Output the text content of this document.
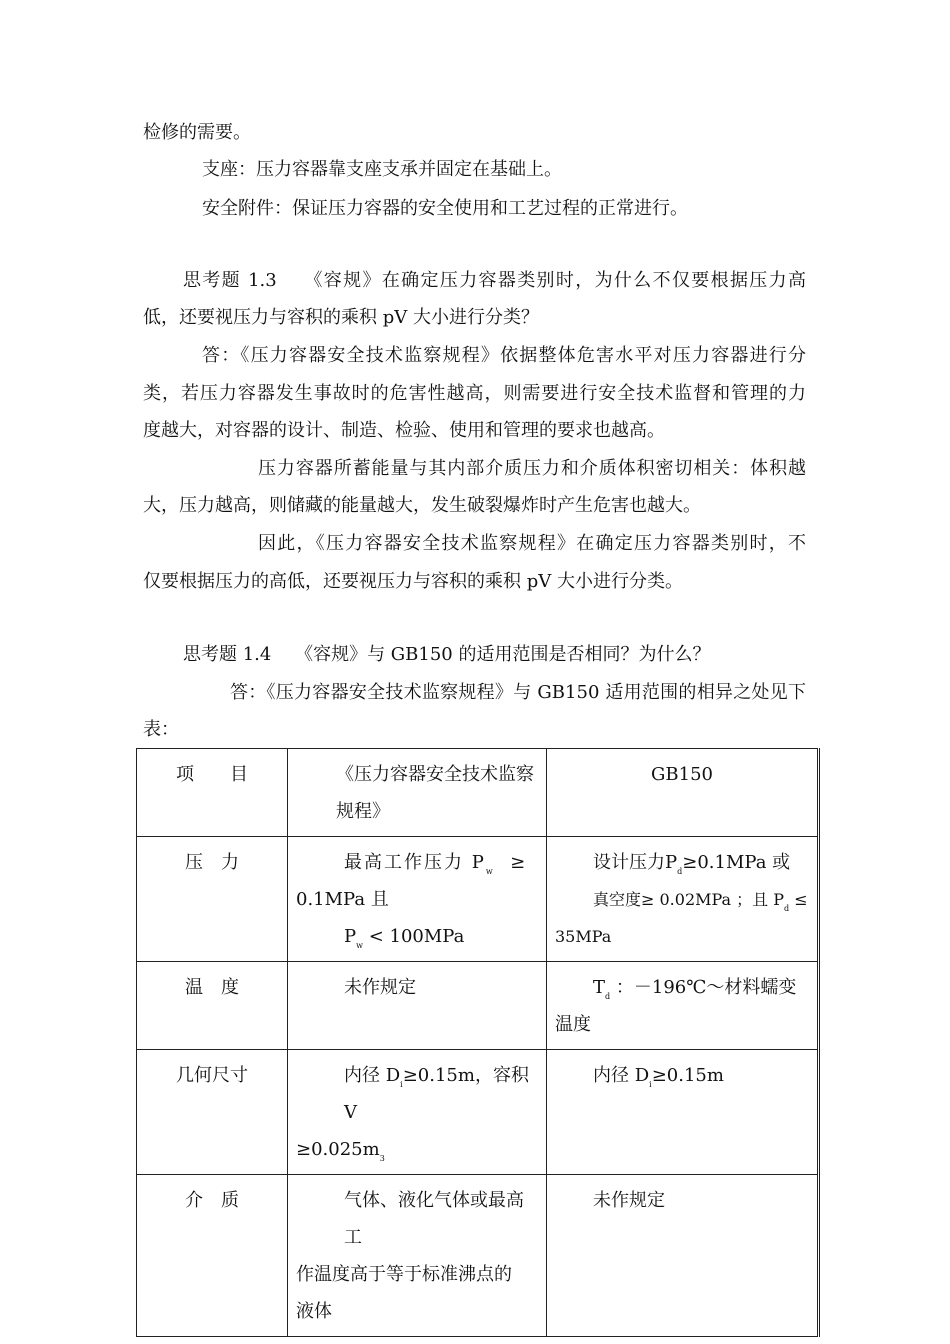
检修的需要。
支座：压力容器靠支座支承并固定在基础上。
安全附件：保证压力容器的安全使用和工艺过程的正常进行。
思考题 1.3　 《容规》在确定压力容器类别时，为什么不仅要根据压力高
低，还要视压力与容积的乘积 pV 大小进行分类？
答：《压力容器安全技术监察规程》依据整体危害水平对压力容器进行分
类，若压力容器发生事故时的危害性越高，则需要进行安全技术监督和管理的力
度越大，对容器的设计、制造、检验、使用和管理的要求也越高。
压力容器所蓄能量与其内部介质压力和介质体积密切相关：体积越
大，压力越高，则储藏的能量越大，发生破裂爆炸时产生危害也越大。
因此，《压力容器安全技术监察规程》在确定压力容器类别时，不
仅要根据压力的高低，还要视压力与容积的乘积 pV 大小进行分类。
思考题 1.4　 《容规》与 GB150 的适用范围是否相同？为什么？
答：《压力容器安全技术监察规程》与 GB150 适用范围的相异之处见下
表：
项　　目	《压力容器安全技术监察规程》	GB150

压　力	最高工作压力 $P_w$ ≥
0.1MPa 且
$P_w < 100MPa$	设计压力$P_d\ge 0.1MPa$ 或
真空度≥ 0.02MPa ；且 $P_d$ ≤
35MPa

温　度	未作规定	$T_d$ ：－196℃～材料蠕变
温度

几何尺寸	内径 $D_i\ge 0.15m$，容积 V
$\ge 0.025m^3$	内径 $D_i\ge 0.15m$

介　质	气体、液化气体或最高工
作温度高于等于标准沸点的
液体	未作规定
